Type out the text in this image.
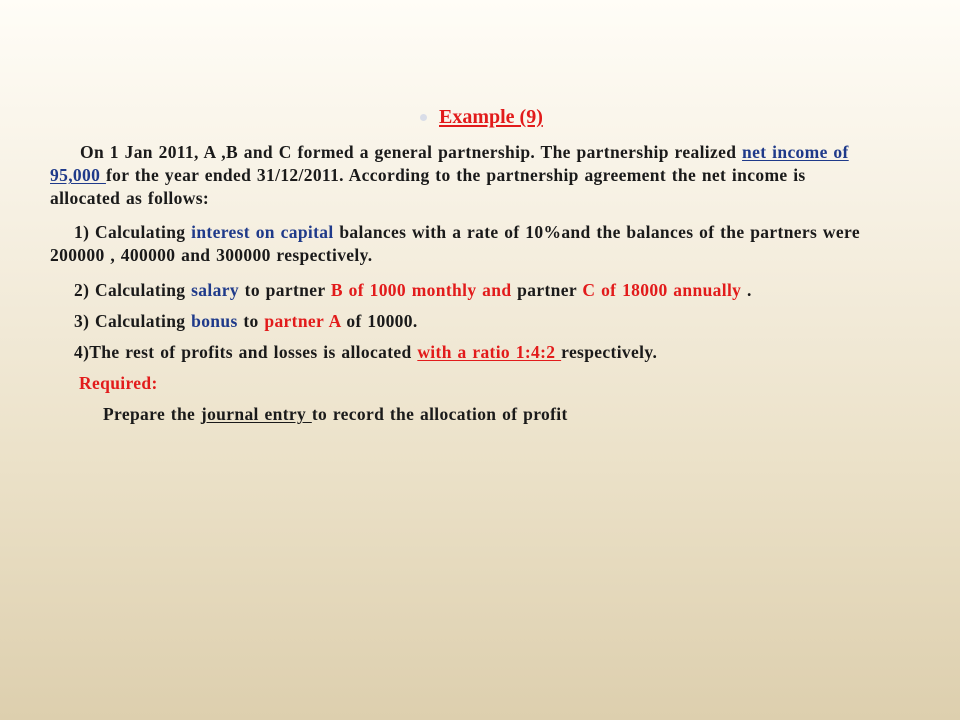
Example (9)

On 1 Jan 2011, A ,B and C formed a general partnership. The partnership realized net income of 95,000 for the year ended 31/12/2011. According to the partnership agreement the net income is allocated as follows:

1) Calculating interest on capital balances with a rate of 10%and the balances of the partners were 200000 , 400000 and 300000 respectively.

2) Calculating salary to partner B of 1000 monthly and partner C of 18000 annually .

3) Calculating bonus to partner A of 10000.

4)The rest of profits and losses is allocated with a ratio 1:4:2 respectively.

Required:

Prepare the journal entry to record the allocation of profit
